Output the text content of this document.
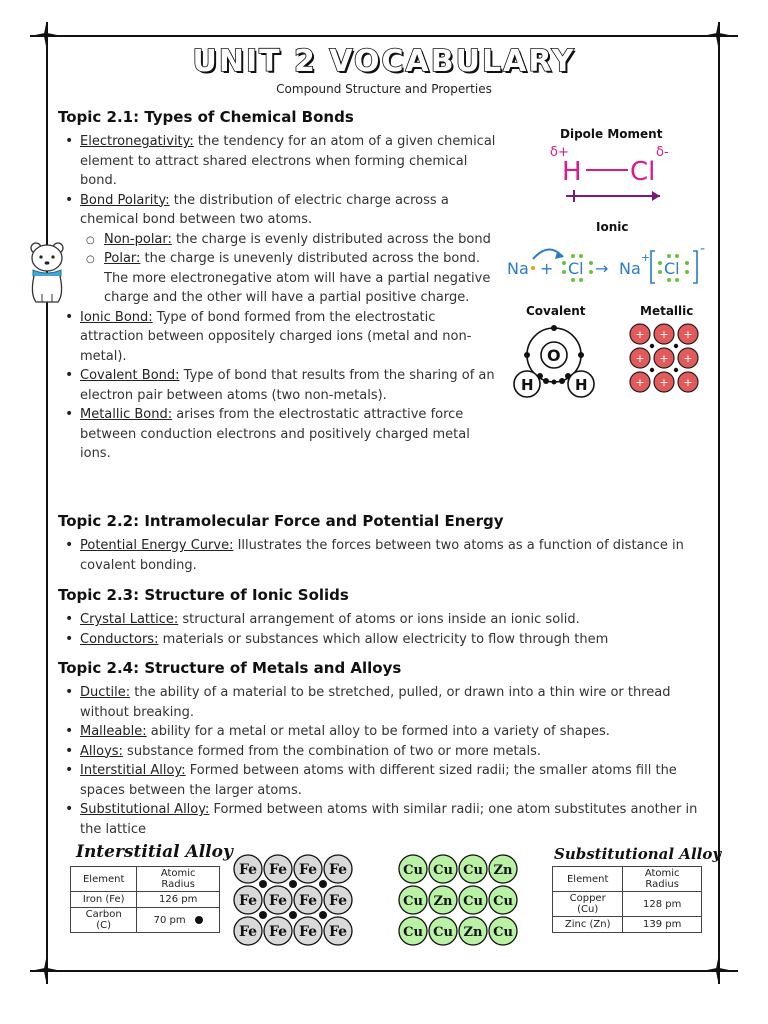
UNIT 2 VOCABULARY
Compound Structure and Properties
Topic 2.1: Types of Chemical Bonds
• Electronegativity: the tendency for an atom of a given chemical element to attract shared electrons when forming chemical bond.
• Bond Polarity: the distribution of electric charge across a chemical bond between two atoms.
○ Non-polar: the charge is evenly distributed across the bond
○ Polar: the charge is unevenly distributed across the bond. The more electronegative atom will have a partial negative charge and the other will have a partial positive charge.
• Ionic Bond: Type of bond formed from the electrostatic attraction between oppositely charged ions (metal and non-metal).
• Covalent Bond: Type of bond that results from the sharing of an electron pair between atoms (two non-metals).
• Metallic Bond: arises from the electrostatic attractive force between conduction electrons and positively charged metal ions.
Dipole Moment
δ+	δ-
H Cl
Ionic
Na + Cl → Na
+
Cl
-
Covalent
O
H	H
Metallic
+ + +
+ + +
+ + +
Topic 2.2: Intramolecular Force and Potential Energy
• Potential Energy Curve: Illustrates the forces between two atoms as a function of distance in covalent bonding.
Topic 2.3: Structure of Ionic Solids
• Crystal Lattice: structural arrangement of atoms or ions inside an ionic solid.
• Conductors: materials or substances which allow electricity to flow through them
Topic 2.4: Structure of Metals and Alloys
• Ductile: the ability of a material to be stretched, pulled, or drawn into a thin wire or thread without breaking.
• Malleable: ability for a metal or metal alloy to be formed into a variety of shapes.
• Alloys: substance formed from the combination of two or more metals.
• Interstitial Alloy: Formed between atoms with different sized radii; the smaller atoms fill the spaces between the larger atoms.
• Substitutional Alloy: Formed between atoms with similar radii; one atom substitutes another in the lattice
Interstitial Alloy
Element	Atomic Radius
Iron (Fe)	126 pm
Carbon (C)	70 pm
Fe Fe Fe Fe
Fe Fe Fe Fe
Fe Fe Fe Fe
Cu Cu Cu Zn
Cu Zn Cu Cu
Cu Cu Zn Cu
Substitutional Alloy
Element	Atomic Radius
Copper (Cu)	128 pm
Zinc (Zn)	139 pm
